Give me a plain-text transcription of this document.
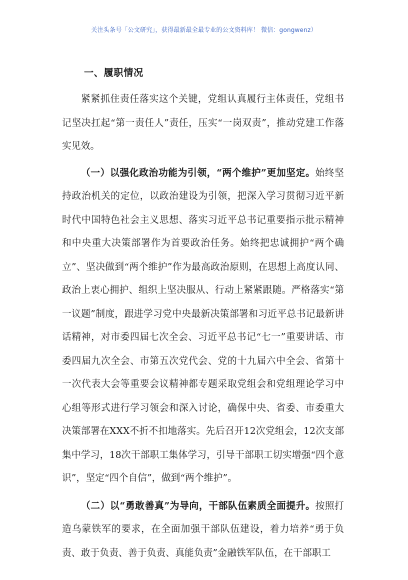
关注头条号「公文研究」，获得最新最全最专业的公文资料库！ 微信：gongwenz）

一、履职情况

紧紧抓住责任落实这个关键，党组认真履行主体责任，党组书记坚决扛起“第一责任人”责任，压实“一岗双责”，推动党建工作落实见效。

（一）以强化政治功能为引领，“两个维护”更加坚定。始终坚持政治机关的定位，以政治建设为引领，把深入学习贯彻习近平新时代中国特色社会主义思想、落实习近平总书记重要指示批示精神和中央重大决策部署作为首要政治任务。始终把忠诚拥护“两个确立”、坚决做到“两个维护”作为最高政治原则，在思想上高度认同、政治上衷心拥护、组织上坚决服从、行动上紧紧跟随。严格落实“第一议题”制度，跟进学习党中央最新决策部署和习近平总书记最新讲话精神，对市委四届七次全会、习近平总书记“七一”重要讲话、市委四届九次全会、市第五次党代会、党的十九届六中全会、省第十一次代表大会等重要会议精神都专题采取党组会和党组理论学习中心组等形式进行学习领会和深入讨论，确保中央、省委、市委重大决策部署在XXX不折不扣地落实。先后召开12次党组会，12次支部集中学习，18次干部职工集体学习，引导干部职工切实增强“四个意识”，坚定“四个自信”，做到“两个维护”。

（二）以“勇敢善真”为导向，干部队伍素质全面提升。按照打造乌蒙铁军的要求，在全面加强干部队伍建设，着力培养“勇于负责、敢于负责、善于负责、真能负责”金融铁军队伍，在干部职工
